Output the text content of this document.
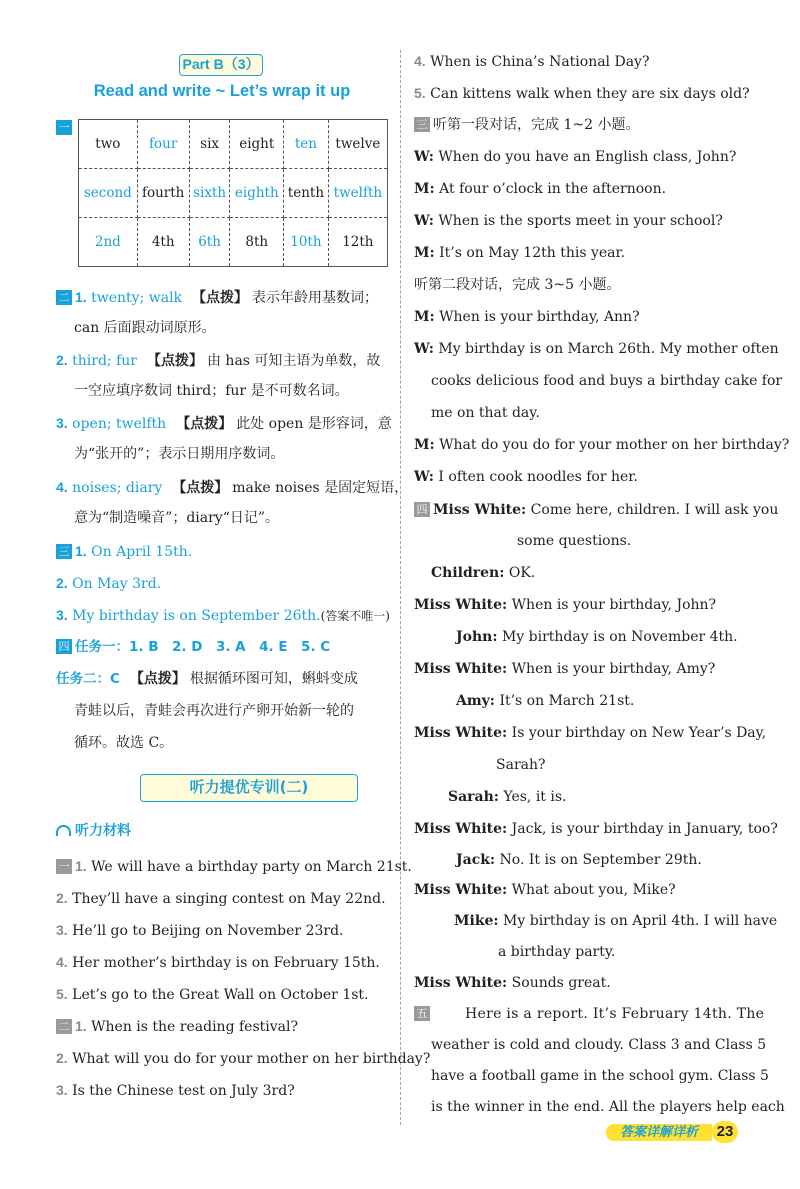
Part B（3）
Read and write ~ Let’s wrap it up
一
two	four	six	eight	ten	twelve
second	fourth	sixth	eighth	tenth	twelfth
2nd	4th	6th	8th	10th	12th
二 1. twenty; walk 【点拨】 表示年龄用基数词；
can 后面跟动词原形。
2. third; fur 【点拨】 由 has 可知主语为单数，故
一空应填序数词 third；fur 是不可数名词。
3. open; twelfth 【点拨】 此处 open 是形容词，意
为“张开的”；表示日期用序数词。
4. noises; diary 【点拨】 make noises 是固定短语，
意为“制造噪音”；diary“日记”。
三 1. On April 15th.
2. On May 3rd.
3. My birthday is on September 26th.(答案不唯一)
四 任务一：1. B　2. D　3. A　4. E　5. C
任务二：C 【点拨】 根据循环图可知，蝌蚪变成
青蛙以后，青蛙会再次进行产卵开始新一轮的
循环。故选 C。
听力提优专训(二)
听力材料
一 1. We will have a birthday party on March 21st.
2. They’ll have a singing contest on May 22nd.
3. He’ll go to Beijing on November 23rd.
4. Her mother’s birthday is on February 15th.
5. Let’s go to the Great Wall on October 1st.
二 1. When is the reading festival?
2. What will you do for your mother on her birthday?
3. Is the Chinese test on July 3rd?
4. When is China’s National Day?
5. Can kittens walk when they are six days old?
三 听第一段对话，完成 1~2 小题。
W: When do you have an English class, John?
M: At four o’clock in the afternoon.
W: When is the sports meet in your school?
M: It’s on May 12th this year.
听第二段对话，完成 3~5 小题。
M: When is your birthday, Ann?
W: My birthday is on March 26th. My mother often
cooks delicious food and buys a birthday cake for
me on that day.
M: What do you do for your mother on her birthday?
W: I often cook noodles for her.
四 Miss White: Come here, children. I will ask you
some questions.
Children: OK.
Miss White: When is your birthday, John?
John: My birthday is on November 4th.
Miss White: When is your birthday, Amy?
Amy: It’s on March 21st.
Miss White: Is your birthday on New Year’s Day,
Sarah?
Sarah: Yes, it is.
Miss White: Jack, is your birthday in January, too?
Jack: No. It is on September 29th.
Miss White: What about you, Mike?
Mike: My birthday is on April 4th. I will have
a birthday party.
Miss White: Sounds great.
五	Here is a report. It’s February 14th. The
weather is cold and cloudy. Class 3 and Class 5
have a football game in the school gym. Class 5
is the winner in the end. All the players help each
答案详解详析	23
